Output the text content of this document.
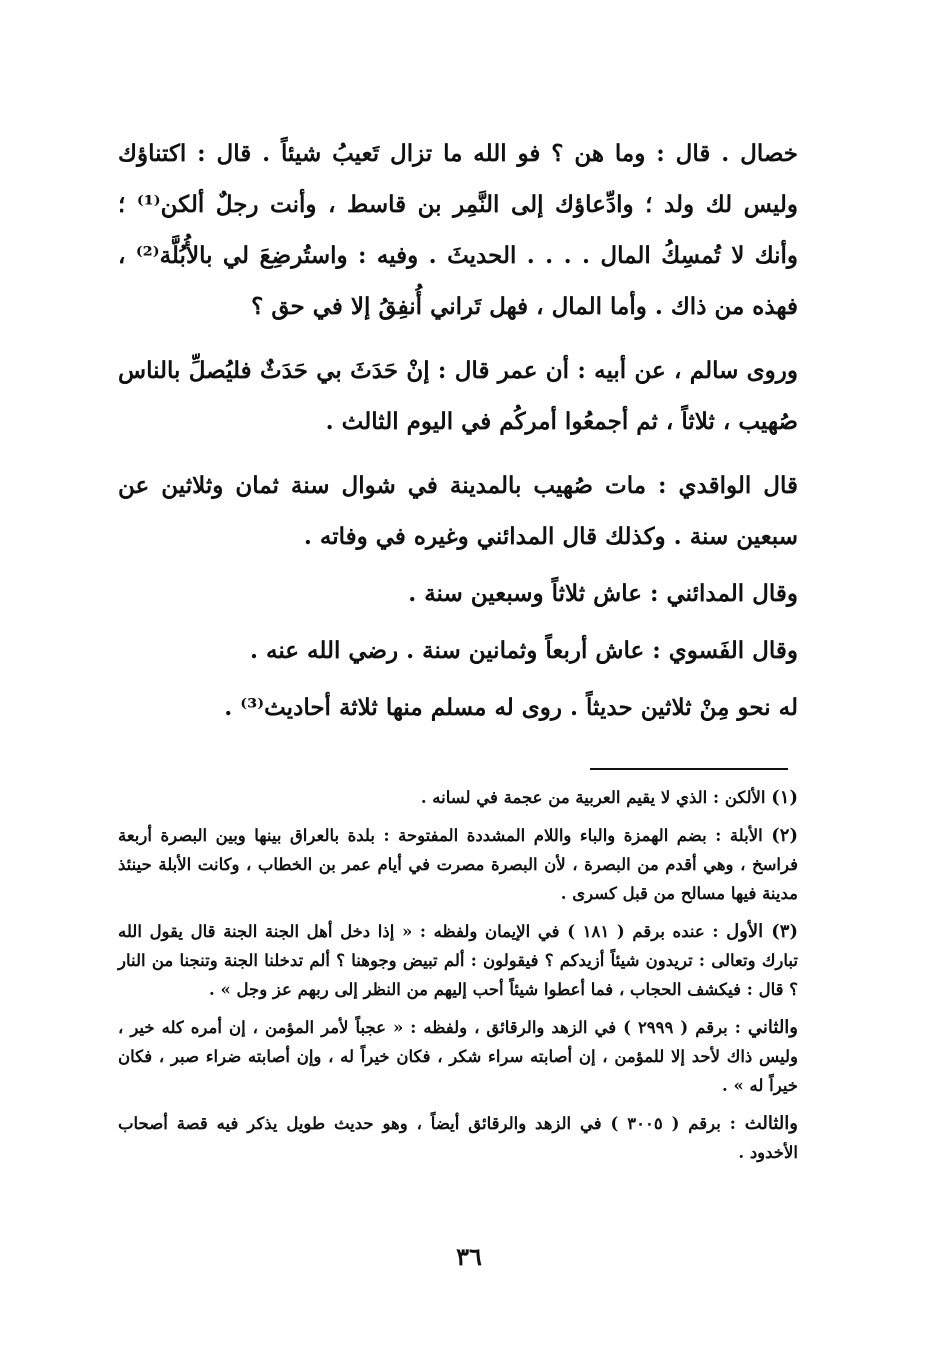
خصال . قال : وما هن ؟ فو الله ما تزال تَعيبُ شيئاً . قال : اكتناؤك وليس لك ولد ؛ وادِّعاؤك إلى النَّمِر بن قاسط ، وأنت رجلٌ ألكن⁽¹⁾ ؛ وأنك لا تُمسِكُ المال . . . . الحديثَ . وفيه : واستُرضِعَ لي بالأُبُلَّة⁽²⁾ ، فهذه من ذاك . وأما المال ، فهل تَراني أُنفِقُ إلا في حق ؟

وروى سالم ، عن أبيه : أن عمر قال : إنْ حَدَثَ بي حَدَثٌ فليُصلِّ بالناس صُهيب ، ثلاثاً ، ثم أجمعُوا أمركُم في اليوم الثالث .

قال الواقدي : مات صُهيب بالمدينة في شوال سنة ثمان وثلاثين عن سبعين سنة . وكذلك قال المدائني وغيره في وفاته .

وقال المدائني : عاش ثلاثاً وسبعين سنة .

وقال الفَسوي : عاش أربعاً وثمانين سنة . رضي الله عنه .

له نحو مِنْ ثلاثين حديثاً . روى له مسلم منها ثلاثة أحاديث⁽³⁾ .

(١) الألكن : الذي لا يقيم العربية من عجمة في لسانه .

(٢) الأبلة : بضم الهمزة والباء واللام المشددة المفتوحة : بلدة بالعراق بينها وبين البصرة أربعة فراسخ ، وهي أقدم من البصرة ، لأن البصرة مصرت في أيام عمر بن الخطاب ، وكانت الأبلة حينئذ مدينة فيها مسالح من قبل كسرى .

(٣) الأول : عنده برقم ( ١٨١ ) في الإيمان ولفظه : « إذا دخل أهل الجنة الجنة قال يقول الله تبارك وتعالى : تريدون شيئاً أزيدكم ؟ فيقولون : ألم تبيض وجوهنا ؟ ألم تدخلنا الجنة وتنجنا من النار ؟ قال : فيكشف الحجاب ، فما أعطوا شيئاً أحب إليهم من النظر إلى ربهم عز وجل » .

والثاني : برقم ( ٢٩٩٩ ) في الزهد والرقائق ، ولفظه : « عجباً لأمر المؤمن ، إن أمره كله خير ، وليس ذاك لأحد إلا للمؤمن ، إن أصابته سراء شكر ، فكان خيراً له ، وإن أصابته ضراء صبر ، فكان خيراً له » .

والثالث : برقم ( ٣٠٠٥ ) في الزهد والرقائق أيضاً ، وهو حديث طويل يذكر فيه قصة أصحاب الأخدود .

٣٦
